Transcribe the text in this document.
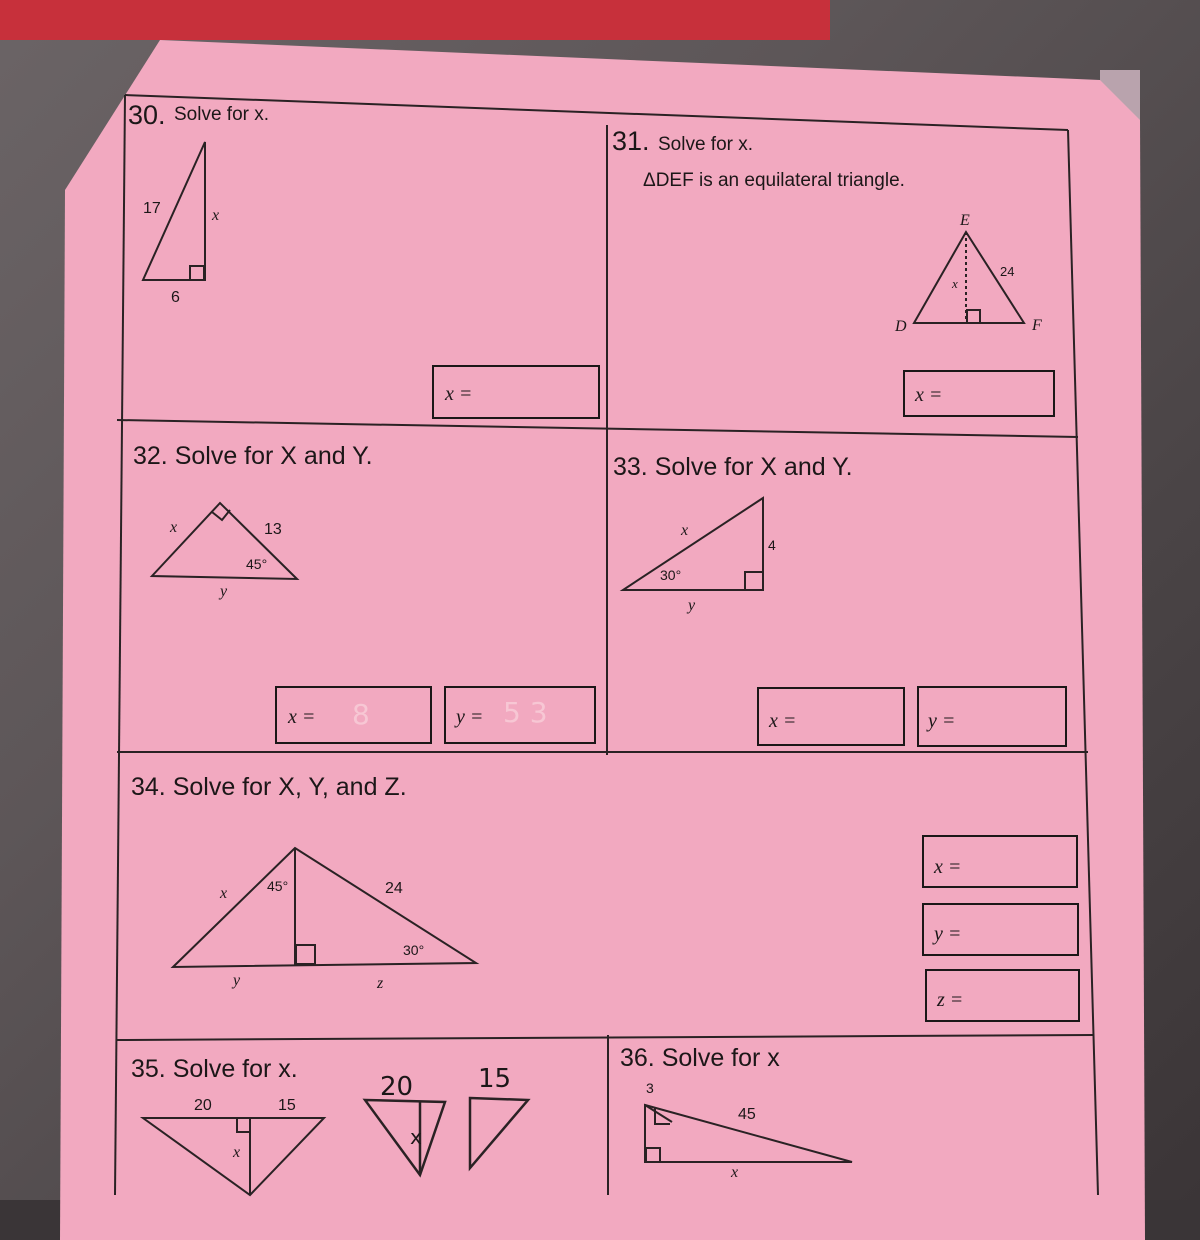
30. Solve for x.
17	x
6
x =
31. Solve for x.
ΔDEF is an equilateral triangle.
E
D	F
24
x
x =
32. Solve for X and Y.
x	13
45°
y
x = 8	y = 5 3
33. Solve for X and Y.
x
4
30°
y
x =	y =
34. Solve for X, Y, and Z.
x	45°	24
30°
y	z
x =
y =
z =
35. Solve for x.
20	15
x
20 15
x
36. Solve for x
3
45
x
